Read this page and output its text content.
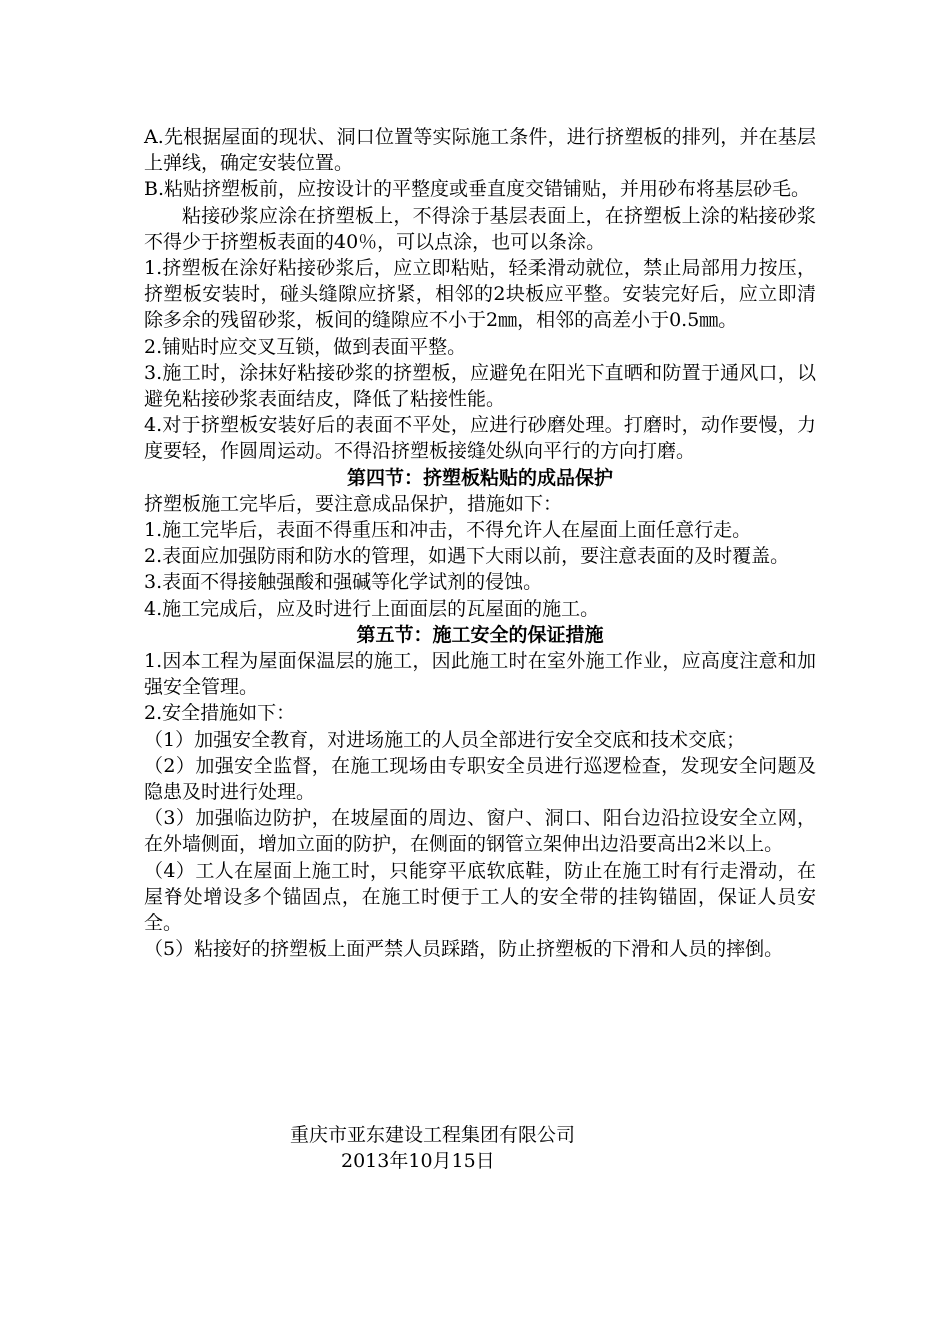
A.先根据屋面的现状、洞口位置等实际施工条件，进行挤塑板的排列，并在基层上弹线，确定安装位置。

B.粘贴挤塑板前，应按设计的平整度或垂直度交错铺贴，并用砂布将基层砂毛。

粘接砂浆应涂在挤塑板上，不得涂于基层表面上，在挤塑板上涂的粘接砂浆不得少于挤塑板表面的40％，可以点涂，也可以条涂。

1.挤塑板在涂好粘接砂浆后，应立即粘贴，轻柔滑动就位，禁止局部用力按压，挤塑板安装时，碰头缝隙应挤紧，相邻的2块板应平整。安装完好后，应立即清除多余的残留砂浆，板间的缝隙应不小于2㎜，相邻的高差小于0.5㎜。

2.铺贴时应交叉互锁，做到表面平整。

3.施工时，涂抹好粘接砂浆的挤塑板，应避免在阳光下直晒和防置于通风口，以避免粘接砂浆表面结皮，降低了粘接性能。

4.对于挤塑板安装好后的表面不平处，应进行砂磨处理。打磨时，动作要慢，力度要轻，作圆周运动。不得沿挤塑板接缝处纵向平行的方向打磨。

第四节：挤塑板粘贴的成品保护

挤塑板施工完毕后，要注意成品保护，措施如下：

1.施工完毕后，表面不得重压和冲击，不得允许人在屋面上面任意行走。

2.表面应加强防雨和防水的管理，如遇下大雨以前，要注意表面的及时覆盖。

3.表面不得接触强酸和强碱等化学试剂的侵蚀。

4.施工完成后，应及时进行上面面层的瓦屋面的施工。

第五节：施工安全的保证措施

1.因本工程为屋面保温层的施工，因此施工时在室外施工作业，应高度注意和加强安全管理。

2.安全措施如下：

（1）加强安全教育，对进场施工的人员全部进行安全交底和技术交底；

（2）加强安全监督，在施工现场由专职安全员进行巡逻检查，发现安全问题及隐患及时进行处理。

（3）加强临边防护，在坡屋面的周边、窗户、洞口、阳台边沿拉设安全立网，在外墙侧面，增加立面的防护，在侧面的钢管立架伸出边沿要高出2米以上。

（4）工人在屋面上施工时，只能穿平底软底鞋，防止在施工时有行走滑动，在屋脊处增设多个锚固点，在施工时便于工人的安全带的挂钩锚固，保证人员安全。

（5）粘接好的挤塑板上面严禁人员踩踏，防止挤塑板的下滑和人员的摔倒。

重庆市亚东建设工程集团有限公司
2013年10月15日
